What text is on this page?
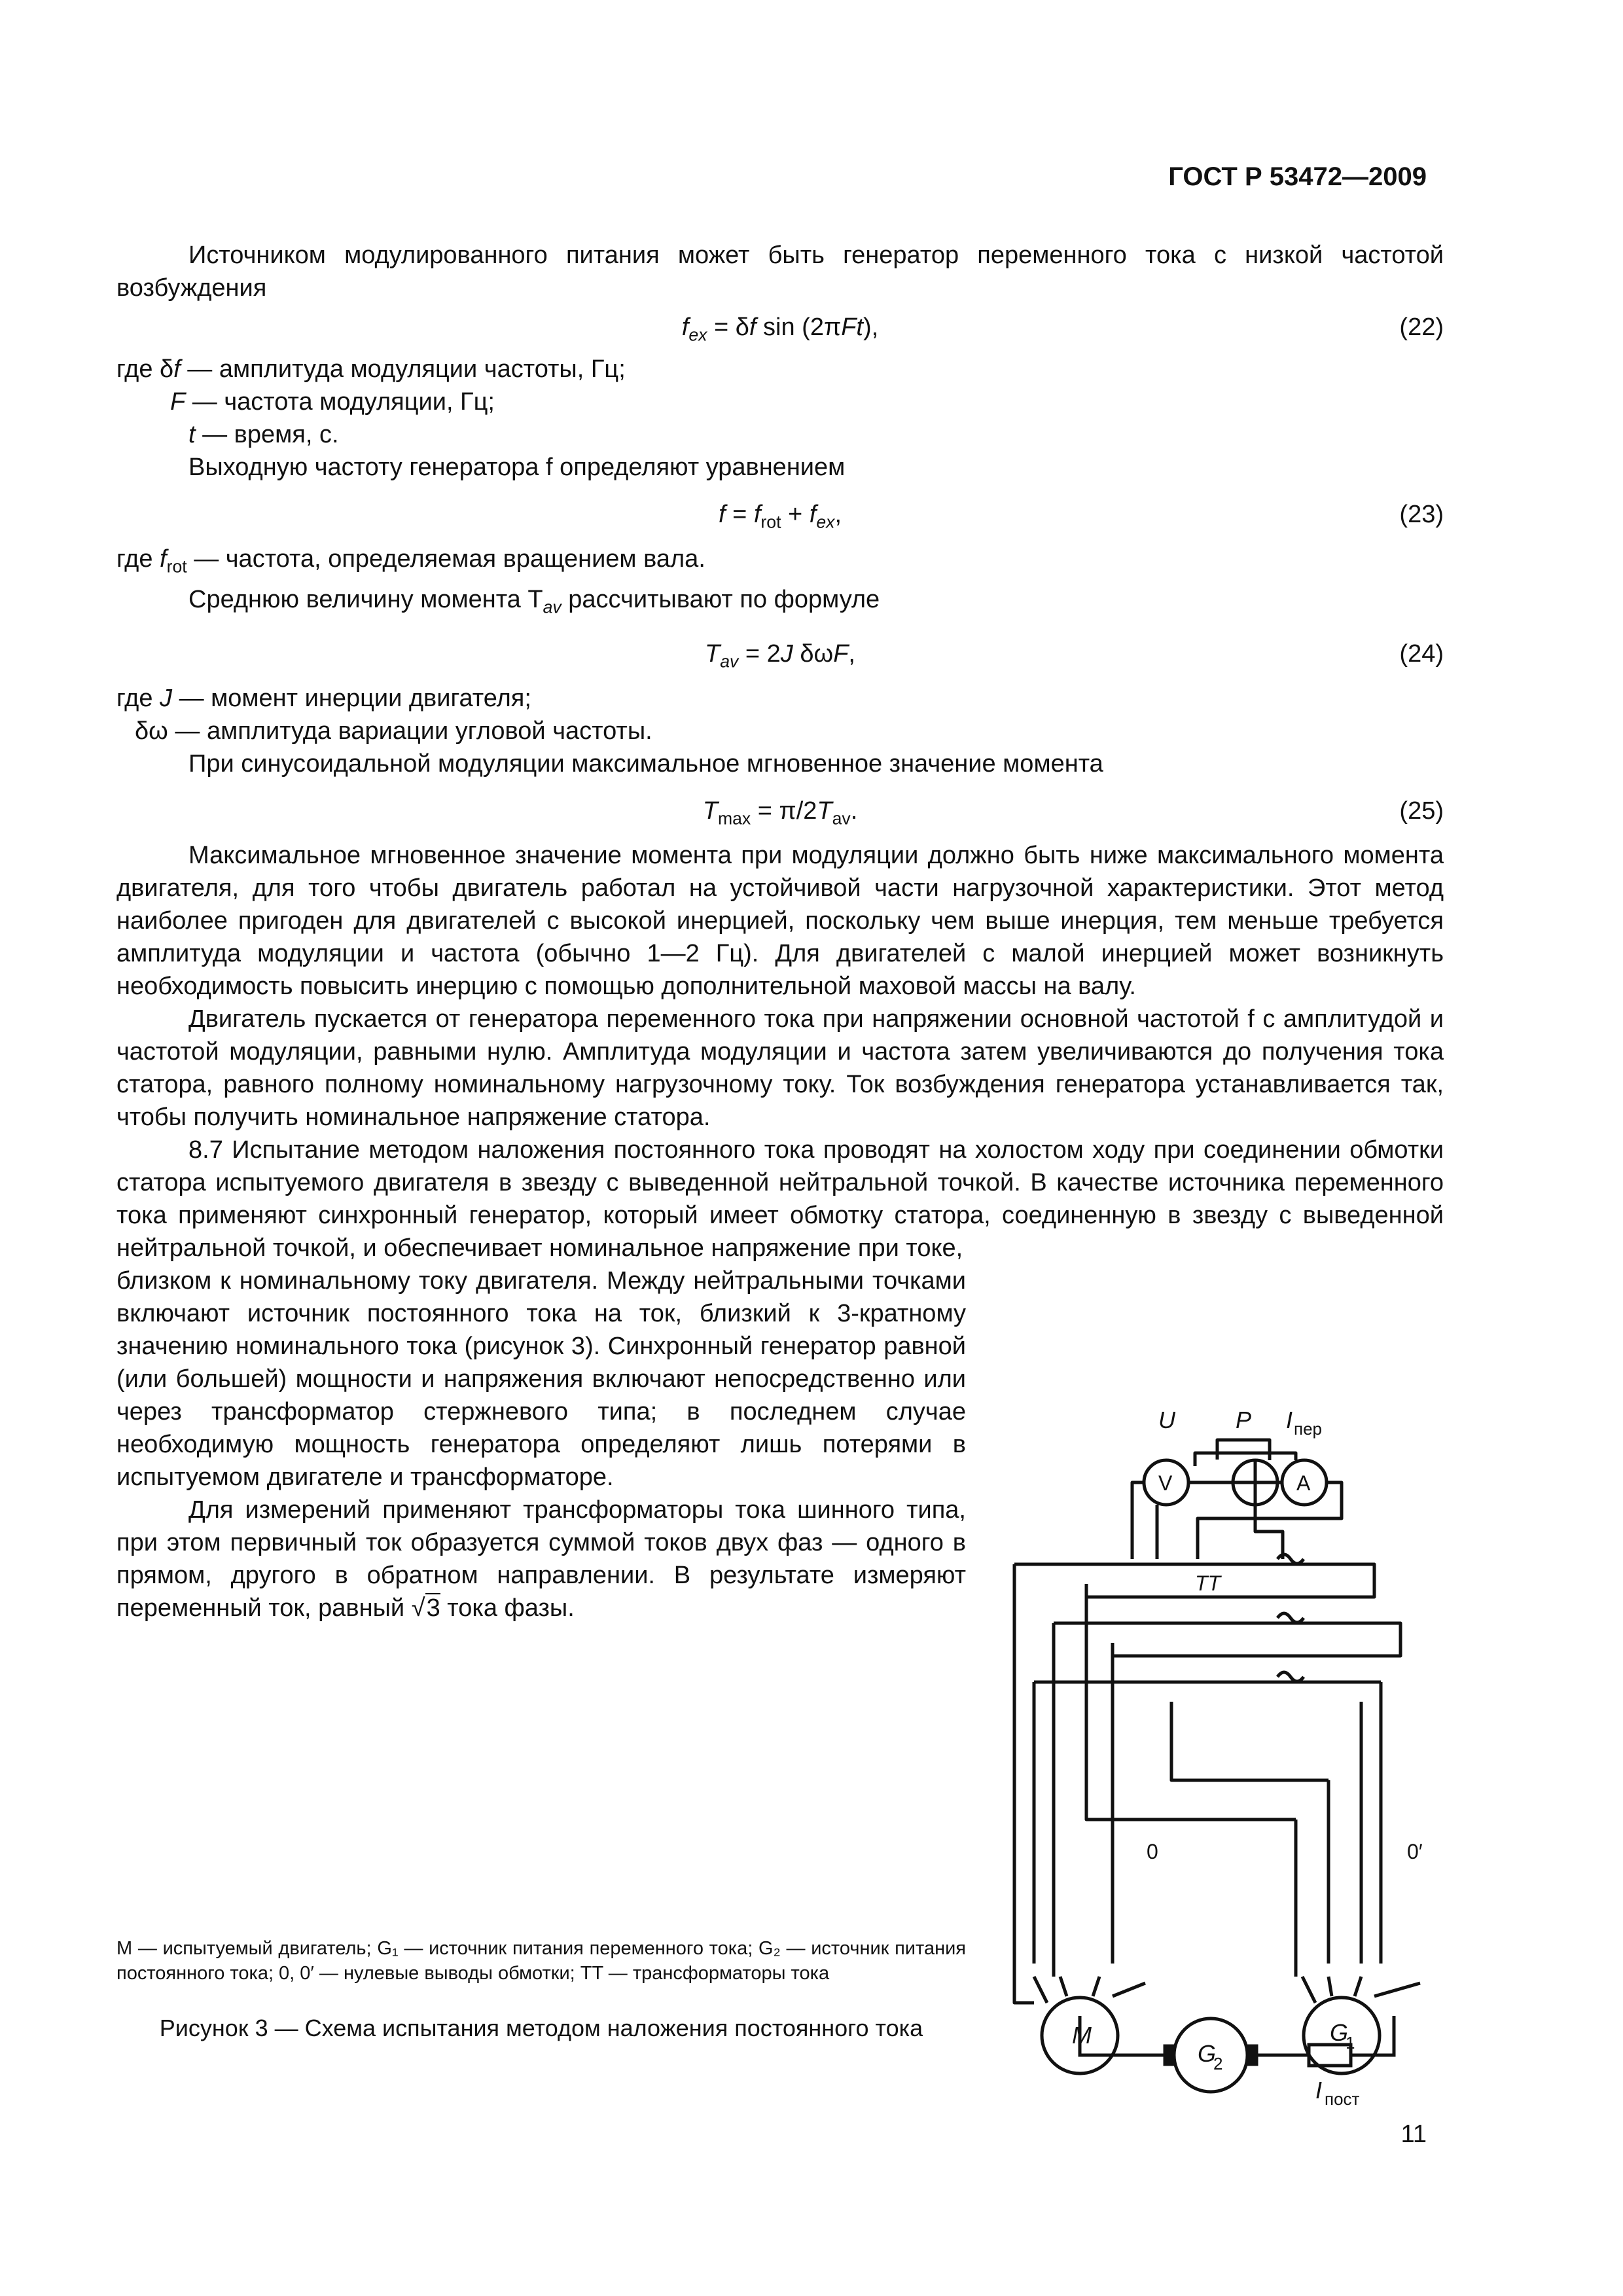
ГОСТ Р 53472—2009

Источником модулированного питания может быть генератор переменного тока с низкой частотой возбуждения

$f_{ex} = \delta f$ sin (2πFt),	(22)

где δf — амплитуда модуляции частоты, Гц;

F — частота модуляции, Гц;

t — время, с.

Выходную частоту генератора f определяют уравнением

$f = f_{rot} + f_{ex}$,	(23)

где $f_{rot}$ — частота, определяемая вращением вала.

Среднюю величину момента $T_{av}$ рассчитывают по формуле

$T_{av} = 2J$ δωF,	(24)

где J — момент инерции двигателя;

δω — амплитуда вариации угловой частоты.

При синусоидальной модуляции максимальное мгновенное значение момента

$T_{max} = \pi/2T_{av}$.	(25)

Максимальное мгновенное значение момента при модуляции должно быть ниже максимального момента двигателя, для того чтобы двигатель работал на устойчивой части нагрузочной характеристики. Этот метод наиболее пригоден для двигателей с высокой инерцией, поскольку чем выше инерция, тем меньше требуется амплитуда модуляции и частота (обычно 1—2 Гц). Для двигателей с малой инерцией может возникнуть необходимость повысить инерцию с помощью дополнительной маховой массы на валу.

Двигатель пускается от генератора переменного тока при напряжении основной частотой f с амплитудой и частотой модуляции, равными нулю. Амплитуда модуляции и частота затем увеличиваются до получения тока статора, равного полному номинальному нагрузочному току. Ток возбуждения генератора устанавливается так, чтобы получить номинальное напряжение статора.

8.7 Испытание методом наложения постоянного тока проводят на холостом ходу при соединении обмотки статора испытуемого двигателя в звезду с выведенной нейтральной точкой. В качестве источника переменного тока применяют синхронный генератор, который имеет обмотку статора, соединенную в звезду с выведенной нейтральной точкой, и обеспечивает номинальное напряжение при токе,

близком к номинальному току двигателя. Между нейтральными точками включают источник постоянного тока на ток, близкий к 3-кратному значению номинального тока (рисунок 3). Синхронный генератор равной (или большей) мощности и напряжения включают непосредственно или через трансформатор стержневого типа; в последнем случае необходимую мощность генератора определяют лишь потерями в испытуемом двигателе и трансформаторе.

Для измерений применяют трансформаторы тока шинного типа, при этом первичный ток образуется суммой токов двух фаз — одного в прямом, другого в обратном направлении. В результате измеряют переменный ток, равный √3 тока фазы.

U	P I пер
TT
M	G
1
V	A
0	0′
G
2
I пост
M — испытуемый двигатель; G₁ — источник питания переменного тока; G₂ — источник питания постоянного тока; 0, 0′ — нулевые выводы обмотки; TT — трансформаторы тока
Рисунок 3 — Схема испытания методом наложения постоянного тока
11
